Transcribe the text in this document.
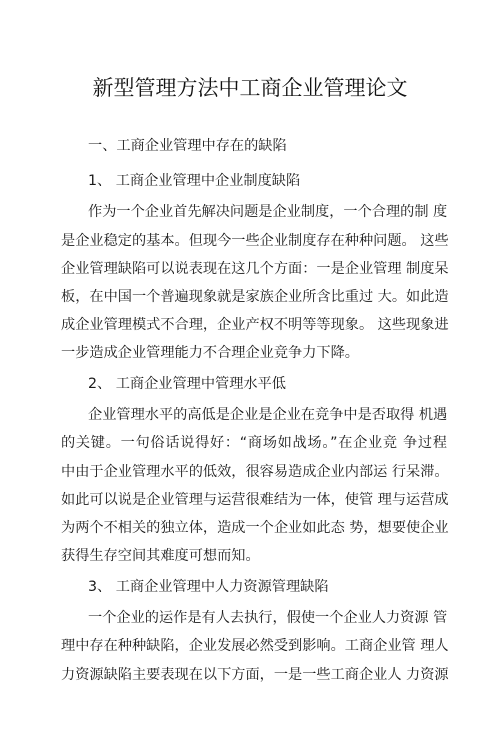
新型管理方法中工商企业管理论文
一、工商企业管理中存在的缺陷
1、 工商企业管理中企业制度缺陷
作为一个企业首先解决问题是企业制度，一个合理的制 度
是企业稳定的基本。但现今一些企业制度存在种种问题。 这些
企业管理缺陷可以说表现在这几个方面：一是企业管理 制度呆
板，在中国一个普遍现象就是家族企业所含比重过 大。如此造
成企业管理模式不合理，企业产权不明等等现象。 这些现象进
一步造成企业管理能力不合理企业竞争力下降。
2、 工商企业管理中管理水平低
企业管理水平的高低是企业是企业在竞争中是否取得 机遇
的关键。一句俗话说得好：“商场如战场。”在企业竞 争过程
中由于企业管理水平的低效，很容易造成企业内部运 行呆滞。
如此可以说是企业管理与运营很难结为一体，使管 理与运营成
为两个不相关的独立体，造成一个企业如此态 势，想要使企业
获得生存空间其难度可想而知。
3、 工商企业管理中人力资源管理缺陷
一个企业的运作是有人去执行，假使一个企业人力资源 管
理中存在种种缺陷，企业发展必然受到影响。工商企业管 理人
力资源缺陷主要表现在以下方面，一是一些工商企业人 力资源
